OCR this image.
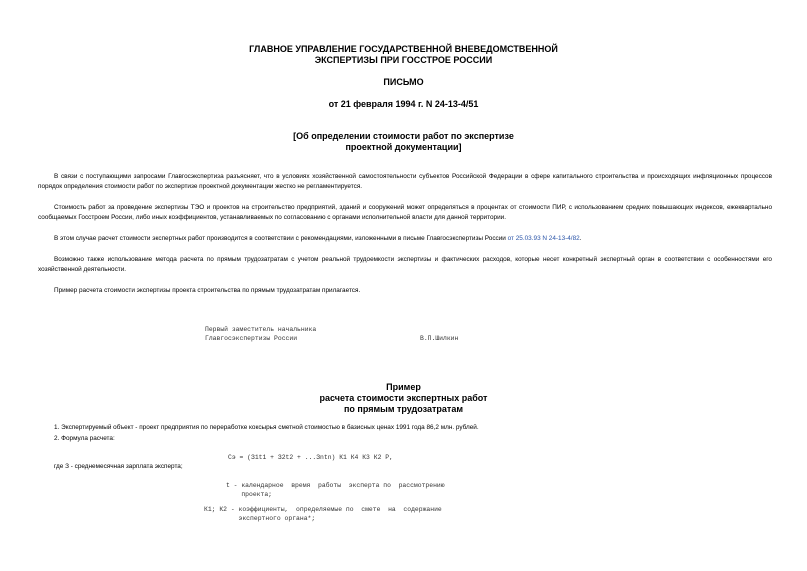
ГЛАВНОЕ УПРАВЛЕНИЕ ГОСУДАРСТВЕННОЙ ВНЕВЕДОМСТВЕННОЙ
ЭКСПЕРТИЗЫ ПРИ ГОССТРОЕ РОССИИ
ПИСЬМО
от 21 февраля 1994 г. N 24-13-4/51
[Об определении стоимости работ по экспертизе
проектной документации]
В связи с поступающими запросами Главгосэкспертиза разъясняет, что в условиях хозяйственной самостоятельности субъектов Российской Федерации в сфере капитального строительства и происходящих инфляционных процессов порядок определения стоимости работ по экспертизе проектной документации жестко не регламентируется.
Стоимость работ за проведение экспертизы ТЭО и проектов на строительство предприятий, зданий и сооружений может определяться в процентах от стоимости ПИР, с использованием средних повышающих индексов, ежеквартально сообщаемых Госстроем России, либо иных коэффициентов, устанавливаемых по согласованию с органами исполнительной власти для данной территории.
В этом случае расчет стоимости экспертных работ производится в соответствии с рекомендациями, изложенными в письме Главгосэкспертизы России от 25.03.93 N 24-13-4/82.
Возможно также использование метода расчета по прямым трудозатратам с учетом реальной трудоемкости экспертизы и фактических расходов, которые несет конкретный экспертный орган в соответствии с особенностями его хозяйственной деятельности.
Пример расчета стоимости экспертизы проекта строительства по прямым трудозатратам прилагается.
Первый заместитель начальника
Главгосэкспертизы России	В.П.Шилкин
Пример
расчета стоимости экспертных работ
по прямым трудозатратам
1. Экспертируемый объект - проект предприятия по переработке коксырья сметной стоимостью в базисных ценах 1991 года 86,2 млн. рублей.
2. Формула расчета:
Сэ = (З1t1 + З2t2 + ...Зntn) К1 К4 К3 К2 Р,
где З - среднемесячная зарплата эксперта;
t - календарное  время  работы  эксперта по  рассмотрению
проекта;
К1; К2 - коэффициенты,  определяемые по  смете  на  содержание
экспертного органа*;
